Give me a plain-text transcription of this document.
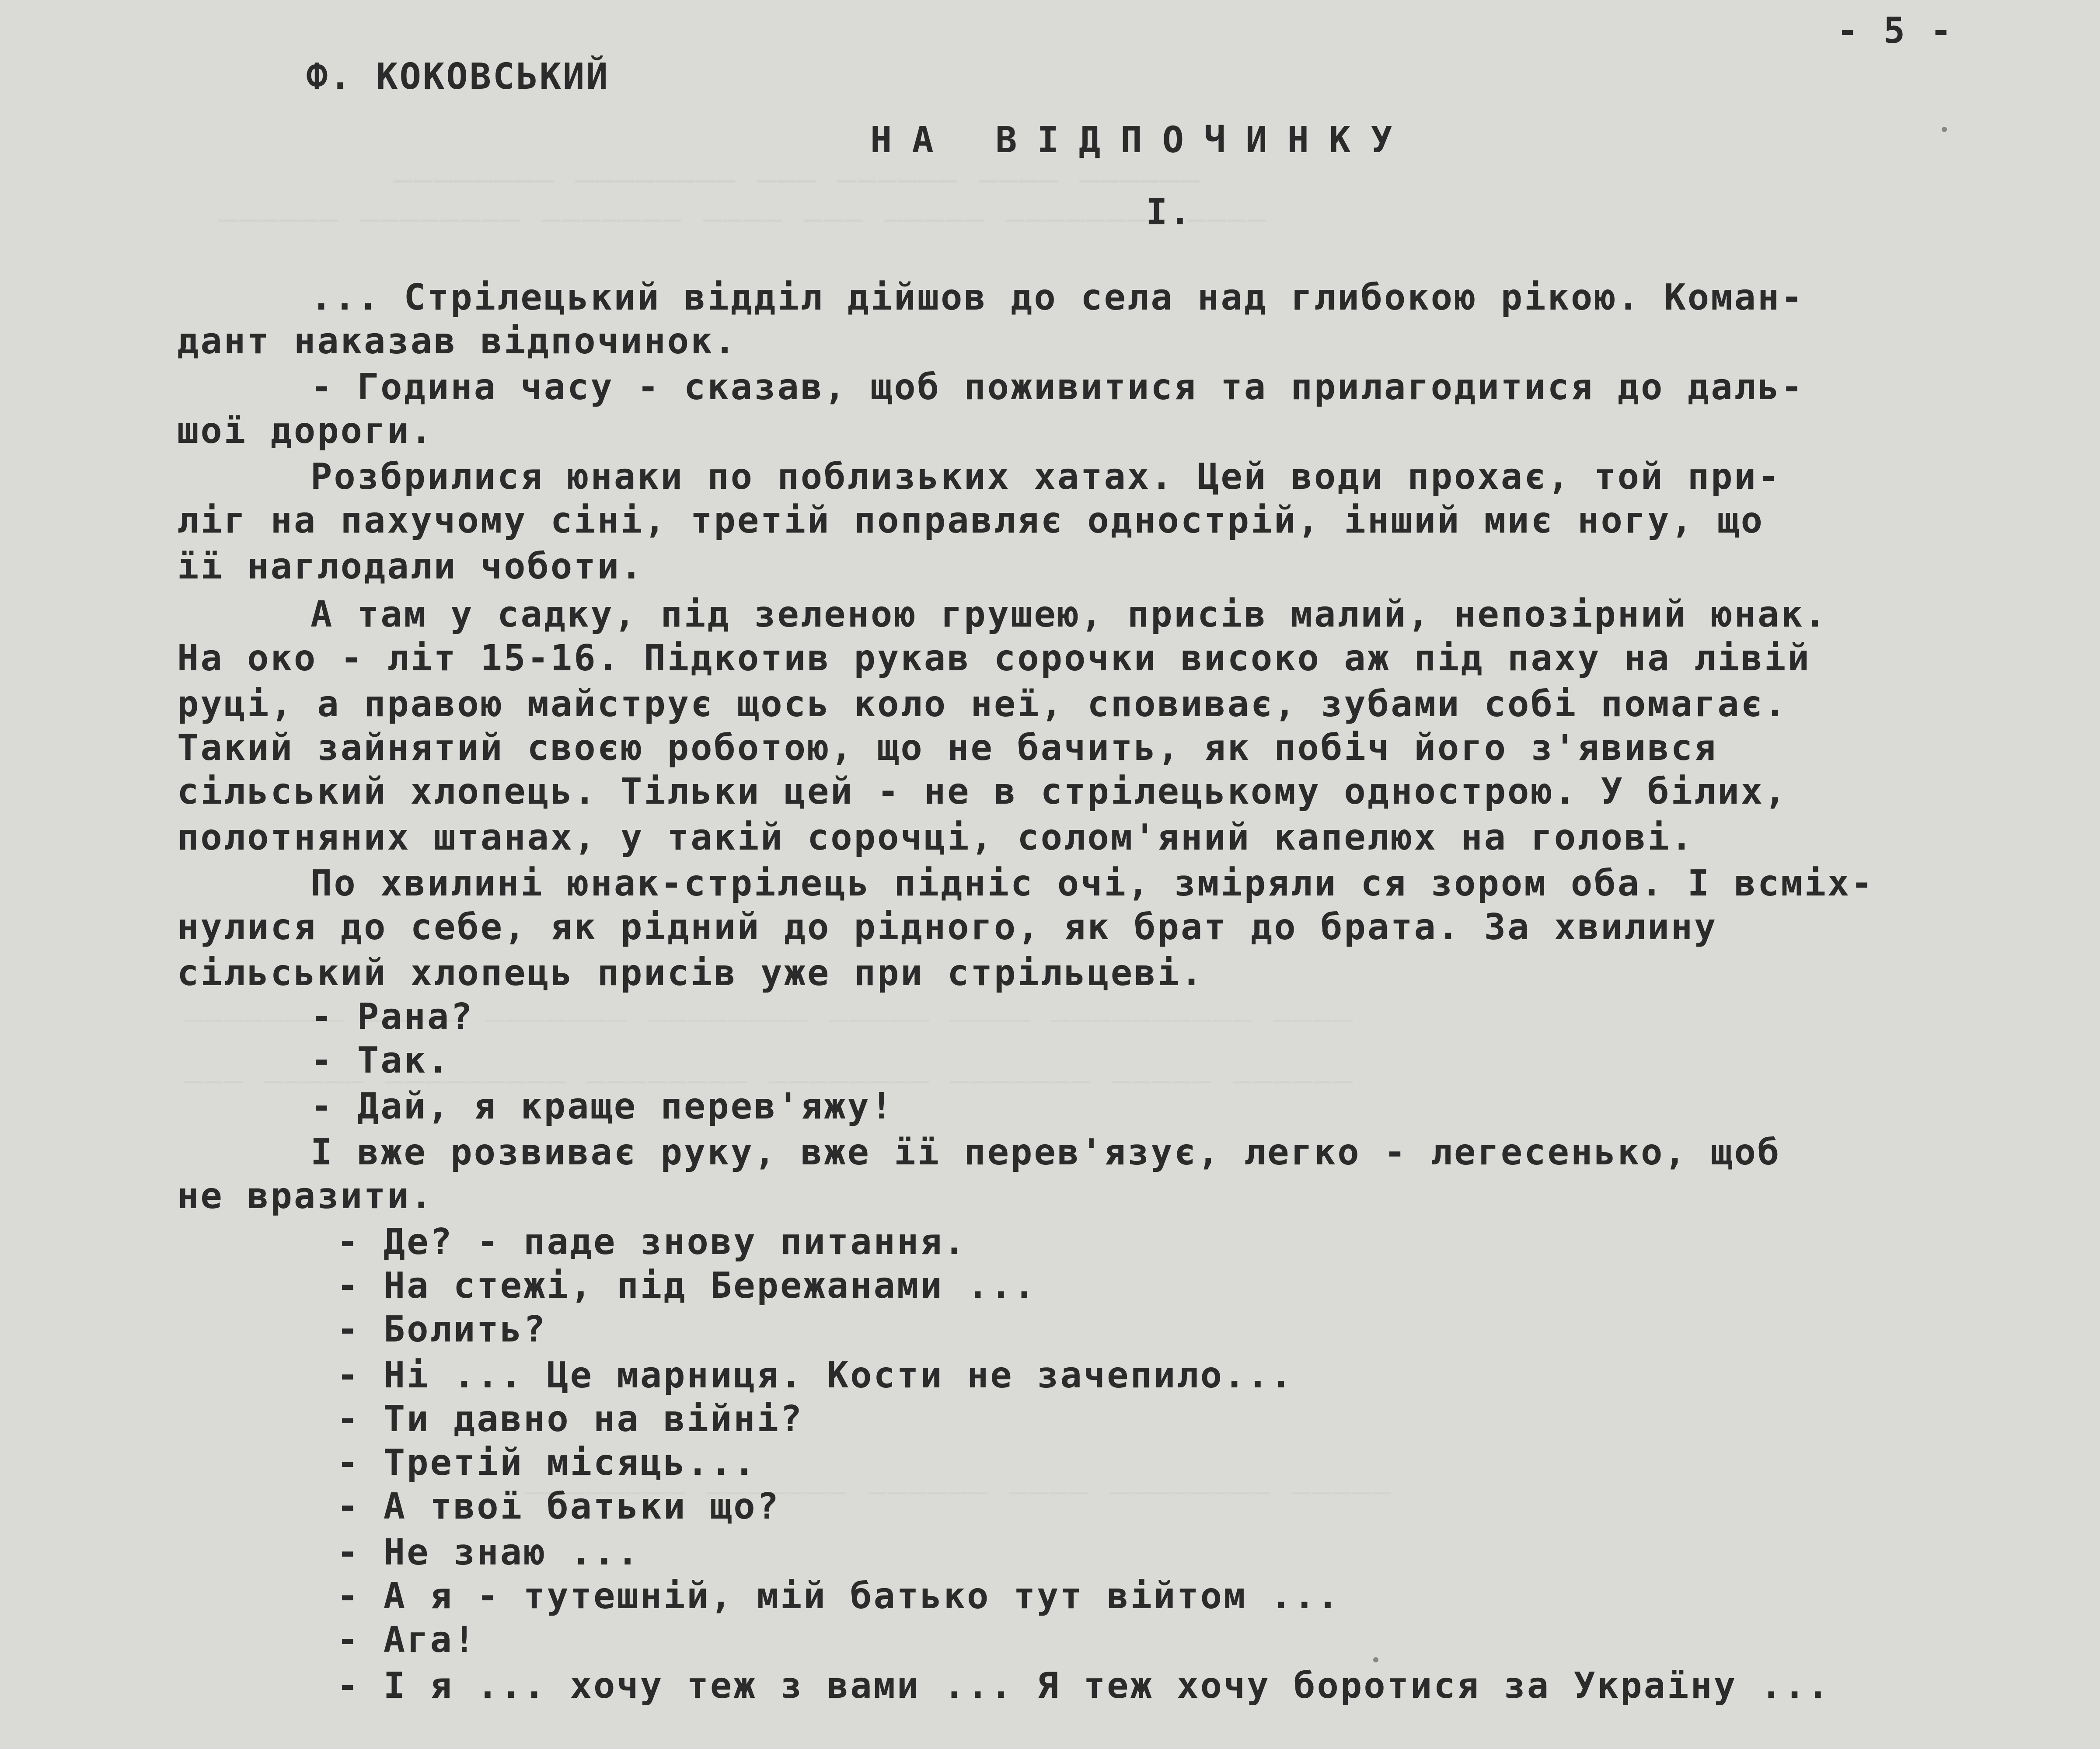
- 5 -
Ф. КОКОВСЬКИЙ
НА ВІДПОЧИНКУ
І.
... Стрілецький відділ дійшов до села над глибокою рікою. Коман-
дант наказав відпочинок.
- Година часу - сказав, щоб поживитися та прилагодитися до даль-
шої дороги.
Розбрилися юнаки по поблизьких хатах. Цей води прохає, той при-
ліг на пахучому сіні, третій поправляє однострій, інший миє ногу, що
її наглодали чоботи.
А там у садку, під зеленою грушею, присів малий, непозірний юнак.
На око - літ 15-16. Підкотив рукав сорочки високо аж під паху на лівій
руці, а правою майструє щось коло неї, сповиває, зубами собі помагає.
Такий зайнятий своєю роботою, що не бачить, як побіч його з'явився
сільський хлопець. Тільки цей - не в стрілецькому однострою. У білих,
полотняних штанах, у такій сорочці, солом'яний капелюх на голові.
По хвилині юнак-стрілець підніс очі, зміряли ся зором оба. І всміх-
нулися до себе, як рідний до рідного, як брат до брата. За хвилину
сільський хлопець присів уже при стрільцеві.
- Рана?
- Так.
- Дай, я краще перев'яжу!
І вже розвиває руку, вже її перев'язує, легко - легесенько, щоб
не вразити.
- Де? - паде знову питання.
- На стежі, під Бережанами ...
- Болить?
- Ні ... Це марниця. Кости не зачепило...
- Ти давно на війні?
- Третій місяць...
- А твої батьки що?
- Не знаю ...
- А я - тутешній, мій батько тут війтом ...
- Ага!
- І я ... хочу теж з вами ... Я теж хочу боротися за Україну ...
